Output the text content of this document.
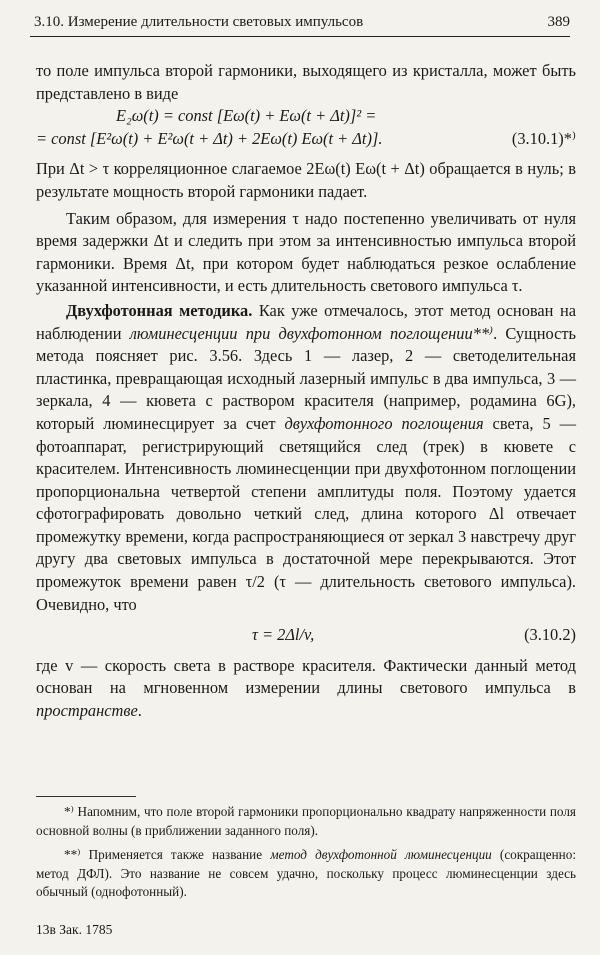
3.10. Измерение длительности световых импульсов	389

то поле импульса второй гармоники, выходящего из кристалла, может быть представлено в виде

E₂ω(t) = const [Eω(t) + Eω(t + Δt)]² =
= const [E²ω(t) + E²ω(t + Δt) + 2Eω(t) Eω(t + Δt)].	(3.10.1)*⁾

При Δt > τ корреляционное слагаемое 2Eω(t) Eω(t + Δt) обращается в нуль; в результате мощность второй гармоники падает.

Таким образом, для измерения τ надо постепенно увеличивать от нуля время задержки Δt и следить при этом за интенсивностью импульса второй гармоники. Время Δt, при котором будет наблюдаться резкое ослабление указанной интенсивности, и есть длительность светового импульса τ.

Двухфотонная методика. Как уже отмечалось, этот метод основан на наблюдении люминесценции при двухфотонном поглощении**⁾. Сущность метода поясняет рис. 3.56. Здесь 1 — лазер, 2 — светоделительная пластинка, превращающая исходный лазерный импульс в два импульса, 3 — зеркала, 4 — кювета с раствором красителя (например, родамина 6G), который люминесцирует за счет двухфотонного поглощения света, 5 — фотоаппарат, регистрирующий светящийся след (трек) в кювете с красителем. Интенсивность люминесценции при двухфотонном поглощении пропорциональна четвертой степени амплитуды поля. Поэтому удается сфотографировать довольно четкий след, длина которого Δl отвечает промежутку времени, когда распространяющиеся от зеркал 3 навстречу друг другу два световых импульса в достаточной мере перекрываются. Этот промежуток времени равен τ/2 (τ — длительность светового импульса). Очевидно, что

τ = 2Δl/v,	(3.10.2)

где v — скорость света в растворе красителя. Фактически данный метод основан на мгновенном измерении длины светового импульса в пространстве.

*⁾ Напомним, что поле второй гармоники пропорционально квадрату напряженности поля основной волны (в приближении заданного поля).

**⁾ Применяется также название метод двухфотонной люминесценции (сокращенно: метод ДФЛ). Это название не совсем удачно, поскольку процесс люминесценции здесь обычный (однофотонный).

13в Зак. 1785
